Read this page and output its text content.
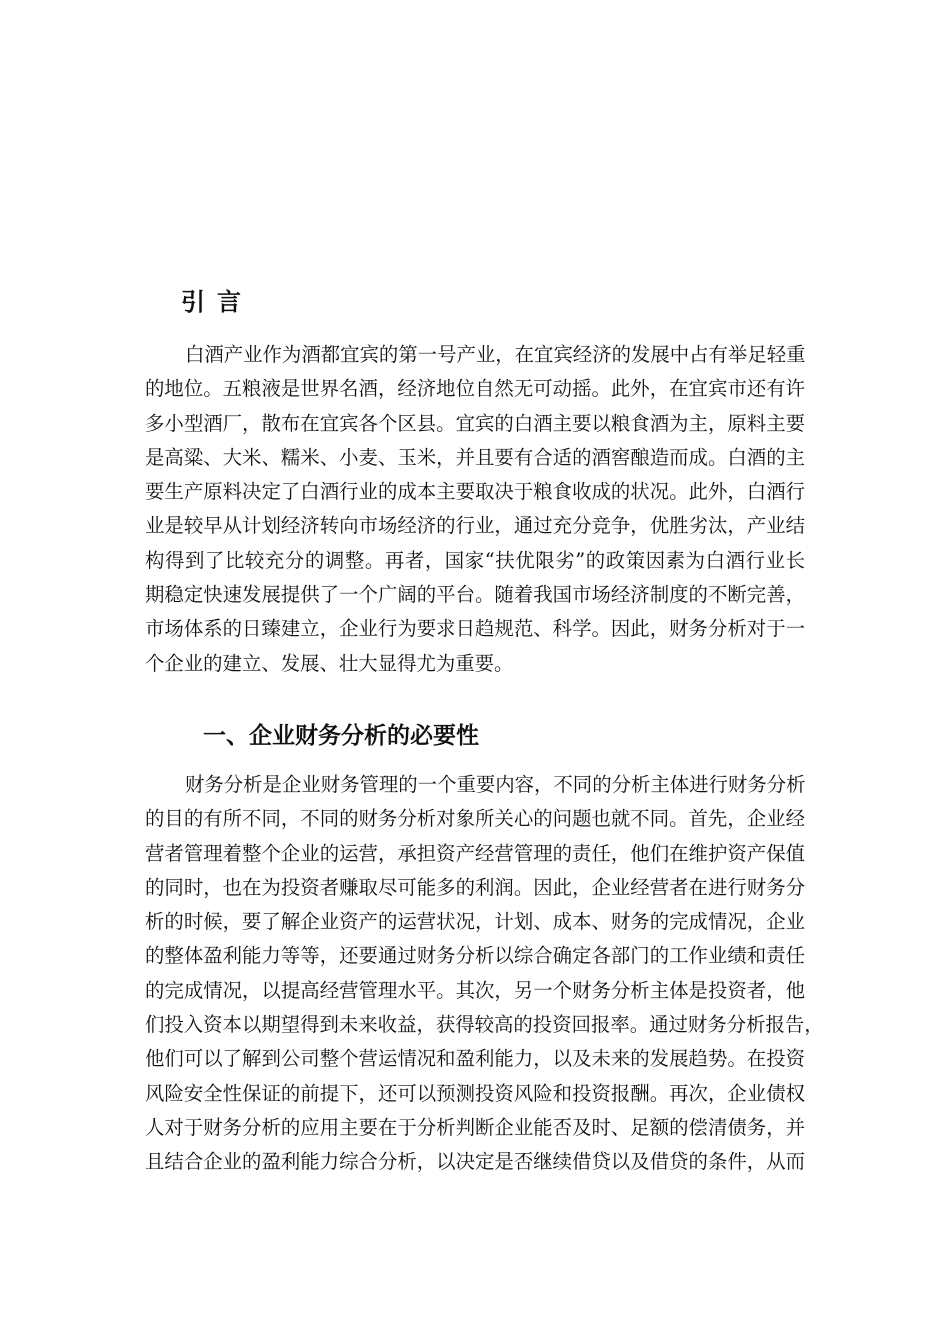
引言
白酒产业作为酒都宜宾的第一号产业，在宜宾经济的发展中占有举足轻重
的地位。五粮液是世界名酒，经济地位自然无可动摇。此外，在宜宾市还有许
多小型酒厂，散布在宜宾各个区县。宜宾的白酒主要以粮食酒为主，原料主要
是高粱、大米、糯米、小麦、玉米，并且要有合适的酒窖酿造而成。白酒的主
要生产原料决定了白酒行业的成本主要取决于粮食收成的状况。此外，白酒行
业是较早从计划经济转向市场经济的行业，通过充分竞争，优胜劣汰，产业结
构得到了比较充分的调整。再者，国家“扶优限劣”的政策因素为白酒行业长
期稳定快速发展提供了一个广阔的平台。随着我国市场经济制度的不断完善，
市场体系的日臻建立，企业行为要求日趋规范、科学。因此，财务分析对于一
个企业的建立、发展、壮大显得尤为重要。
一、企业财务分析的必要性
财务分析是企业财务管理的一个重要内容，不同的分析主体进行财务分析
的目的有所不同，不同的财务分析对象所关心的问题也就不同。首先，企业经
营者管理着整个企业的运营，承担资产经营管理的责任，他们在维护资产保值
的同时，也在为投资者赚取尽可能多的利润。因此，企业经营者在进行财务分
析的时候，要了解企业资产的运营状况，计划、成本、财务的完成情况，企业
的整体盈利能力等等，还要通过财务分析以综合确定各部门的工作业绩和责任
的完成情况，以提高经营管理水平。其次，另一个财务分析主体是投资者，他
们投入资本以期望得到未来收益，获得较高的投资回报率。通过财务分析报告，
他们可以了解到公司整个营运情况和盈利能力，以及未来的发展趋势。在投资
风险安全性保证的前提下，还可以预测投资风险和投资报酬。再次，企业债权
人对于财务分析的应用主要在于分析判断企业能否及时、足额的偿清债务，并
且结合企业的盈利能力综合分析，以决定是否继续借贷以及借贷的条件，从而
